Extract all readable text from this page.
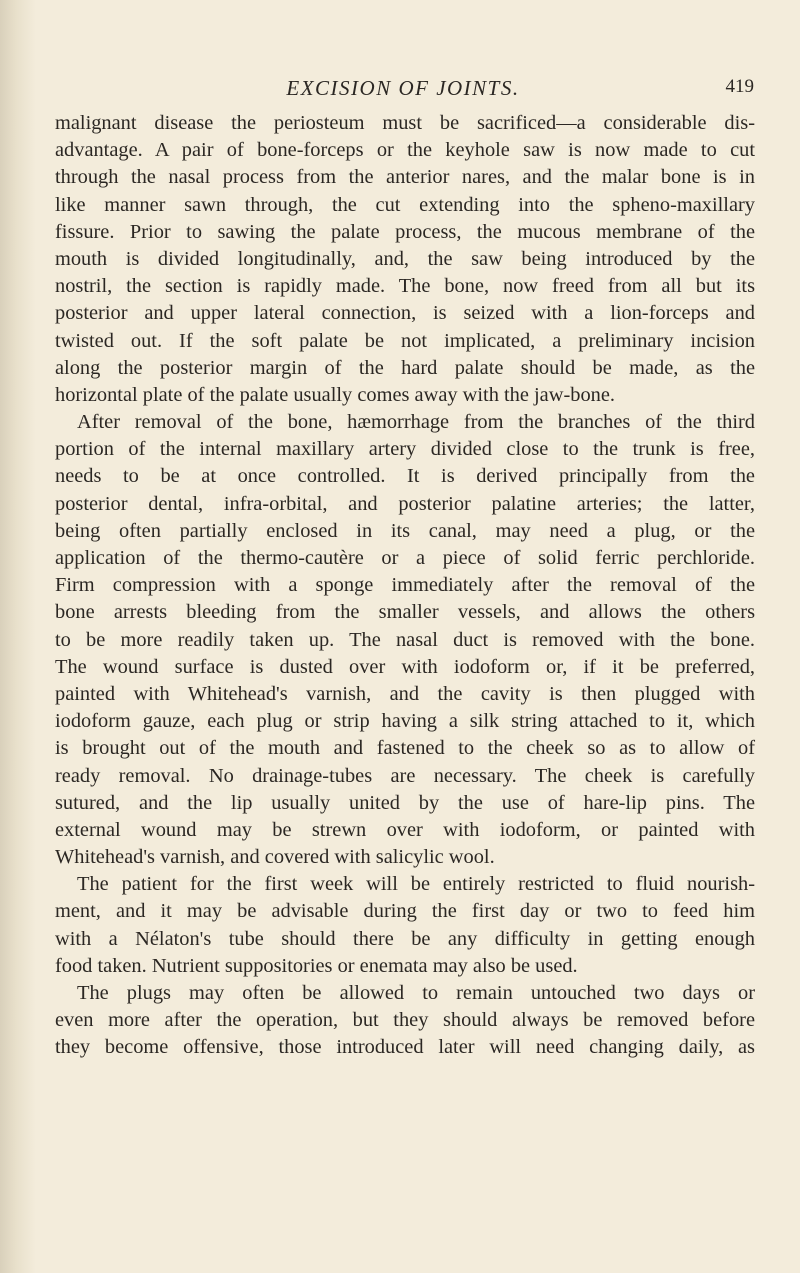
EXCISION OF JOINTS.	419
malignant disease the periosteum must be sacrificed—a considerable dis-
advantage. A pair of bone-forceps or the keyhole saw is now made to cut
through the nasal process from the anterior nares, and the malar bone is in
like manner sawn through, the cut extending into the spheno-maxillary
fissure. Prior to sawing the palate process, the mucous membrane of the
mouth is divided longitudinally, and, the saw being introduced by the
nostril, the section is rapidly made. The bone, now freed from all but its
posterior and upper lateral connection, is seized with a lion-forceps and
twisted out. If the soft palate be not implicated, a preliminary incision
along the posterior margin of the hard palate should be made, as the
horizontal plate of the palate usually comes away with the jaw-bone.
After removal of the bone, hæmorrhage from the branches of the third
portion of the internal maxillary artery divided close to the trunk is free,
needs to be at once controlled. It is derived principally from the
posterior dental, infra-orbital, and posterior palatine arteries; the latter,
being often partially enclosed in its canal, may need a plug, or the
application of the thermo-cautère or a piece of solid ferric perchloride.
Firm compression with a sponge immediately after the removal of the
bone arrests bleeding from the smaller vessels, and allows the others
to be more readily taken up. The nasal duct is removed with the bone.
The wound surface is dusted over with iodoform or, if it be preferred,
painted with Whitehead's varnish, and the cavity is then plugged with
iodoform gauze, each plug or strip having a silk string attached to it, which
is brought out of the mouth and fastened to the cheek so as to allow of
ready removal. No drainage-tubes are necessary. The cheek is carefully
sutured, and the lip usually united by the use of hare-lip pins. The
external wound may be strewn over with iodoform, or painted with
Whitehead's varnish, and covered with salicylic wool.
The patient for the first week will be entirely restricted to fluid nourish-
ment, and it may be advisable during the first day or two to feed him
with a Nélaton's tube should there be any difficulty in getting enough
food taken. Nutrient suppositories or enemata may also be used.
The plugs may often be allowed to remain untouched two days or
even more after the operation, but they should always be removed before
they become offensive, those introduced later will need changing daily, as
